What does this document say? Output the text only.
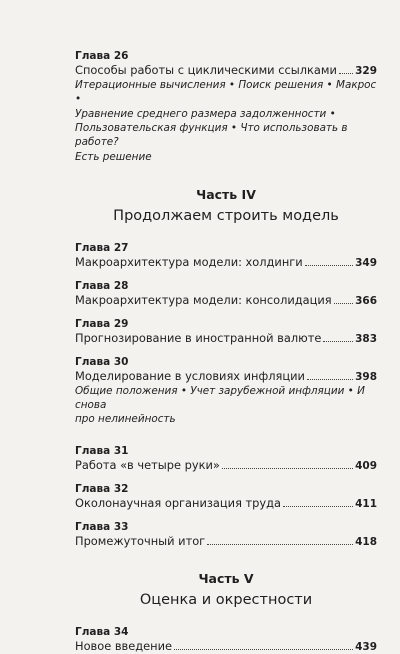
Глава 26
Способы работы с циклическими ссылками 329
Итерационные вычисления • Поиск решения • Макрос •
Уравнение среднего размера задолженности •
Пользовательская функция • Что использовать в работе?
Есть решение
Часть IV
Продолжаем строить модель
Глава 27
Макроархитектура модели: холдинги	349
Глава 28
Макроархитектура модели: консолидация 366
Глава 29
Прогнозирование в иностранной валюте	383
Глава 30
Моделирование в условиях инфляции	398
Общие положения • Учет зарубежной инфляции • И снова
про нелинейность
Глава 31
Работа «в четыре руки»	409
Глава 32
Околонаучная организация труда	411
Глава 33
Промежуточный итог	418
Часть V
Оценка и окрестности
Глава 34
Новое введение	439
